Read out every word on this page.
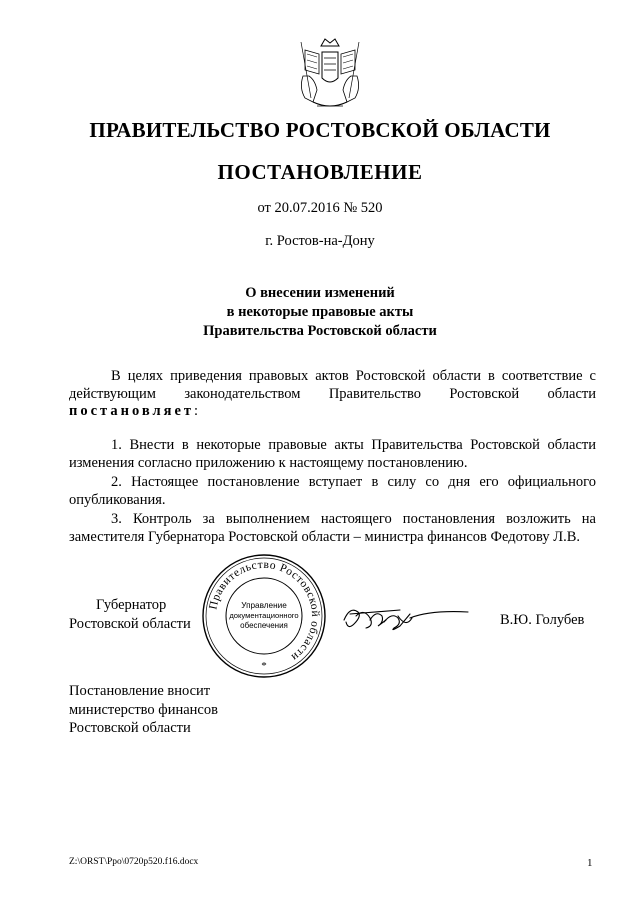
ПРАВИТЕЛЬСТВО РОСТОВСКОЙ ОБЛАСТИ
ПОСТАНОВЛЕНИЕ
от 20.07.2016 № 520
г. Ростов-на-Дону
О внесении изменений
в некоторые правовые акты
Правительства Ростовской области
В целях приведения правовых актов Ростовской области в соответствие с действующим законодательством Правительство Ростовской области постановляет:
1. Внести в некоторые правовые акты Правительства Ростовской области изменения согласно приложению к настоящему постановлению.
2. Настоящее постановление вступает в силу со дня его официального опубликования.
3. Контроль за выполнением настоящего постановления возложить на заместителя Губернатора Ростовской области – министра финансов Федотову Л.В.
Губернатор
Ростовской области
Правительство Ростовской области
Управление
документационного
обеспечения
*
В.Ю. Голубев
Постановление вносит
министерство финансов
Ростовской области
Z:\ORST\Ppo\0720p520.f16.docx	1
